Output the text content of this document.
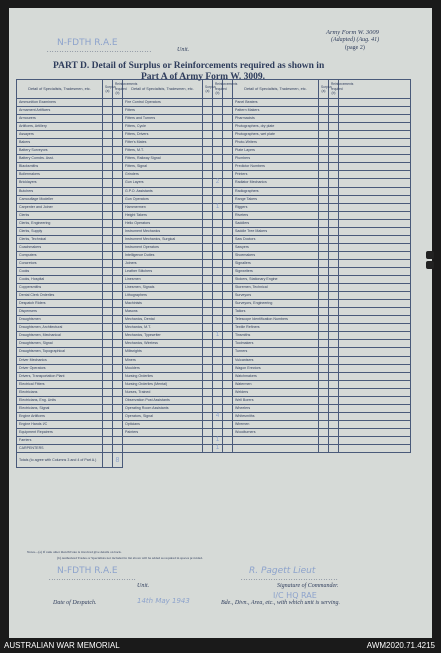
N-FDTH R.A.E
..........................................	Unit.
Army Form W. 3009
(Adapted) (Aug. 41)
(page 2)
PART D. Detail of Surplus or Reinforcements required as shown in
Part A of Army Form W. 3009.
Notes—(a) If rank other than Private is involved give details on back.
(b) Authorized Trades or Specialists not included in list above will be added as required in spaces provided.
N-FDTH R.A.E
...................................
Unit.
R. Pagett Lieut
.......................................
Signature of Commander.
I/C HQ RAE
14th May 1943
Date of Despatch.	Bde., Divn., Area, etc., with which unit is serving.
Detail of Specialists, Tradesmen, etc.	Surplus (a)	Reinforcements required (b)	Detail of Specialists, Tradesmen, etc.	Surplus (a)	Reinforcements required (b)		Detail of Specialists, Tradesmen, etc.	Surplus (a)	Reinforcements required (b)	
Ammunition Examiners			Fire Control Operators				Panel Beaters			
Armament Artificers			Fitters				Pattern Makers			
Armourers			Fitters and Turners				Pharmacists			
Artificers, Artillery			Fitters, Cycle				Photographers, dry plate			
Assayers			Fitters, Drivers				Photographers, wet plate			
Bakers			Fitter's Mates				Photo-Writers			
Battery Surveyors			Fitters, M.T.				Plate Layers			
Battery Comdrs. Asst.			Fitters, Railway Signal				Plumbers			
Blacksmiths			Fitters, Signal				Predictor Numbers			
Boilermakers			Grinders				Printers			
Bricklayers			Gun Layers		2		Radiator Mechanics			
Butchers			G.P.O. Assistants				Radiographers			
Camouflage Modeller			Gun Operators				Range Takers			
Carpenter and Joiner			Hammermen		1		Riggers			
Clerks			Height Takers				Riveters			
Clerks, Engineering			Helio Operators				Saddlers			
Clerks, Supply			Instrument Mechanics				Saddle Tree Makers			
Clerks, Technical			Instrument Mechanics, Surgical				Saw Doctors			
Coachmakers			Instrument Operators				Sawyers			
Computers			Intelligence Duties				Shoemakers			
Concretors			Joiners				Signallers			
Cooks			Leather Stitchers				Signwriters			
Cooks, Hospital			Linesmen				Stokers, Stationary Engine			
Coppersmiths			Linesmen, Signals				Storemen, Technical			
Dental Clerk Orderlies			Lithographers				Surveyors			
Despatch Riders			Machinists				Surveyors, Engineering			
Dispensers			Masons				Tailors			
Draughtsmen			Mechanics, Dental				Telescope Identification Numbers			
Draughtsmen, Architectural			Mechanics, M.T.				Textile Refiners			
Draughtsmen, Mechanical			Mechanics, Typewriter		1		Tinsmiths			
Draughtsmen, Signal			Mechanics, Wireless				Toolmakers			
Draughtsmen, Topographical			Millwrights				Turners			
Driver Mechanics			Miners				Vulcanisers			
Driver Operators			Moulders				Wagon Erectors			
Drivers, Transportation Plant			Nursing Orderlies				Watchmakers			
Electrical Fitters			Nursing Orderlies (Mental)				Watermen			
Electricians			Nurses, Trained				Welders			
Electricians, Eng. Units			Observation Post Assistants				Well Borers			
Electricians, Signal			Operating Room Assistants				Wheelers			
Engine Artificers			Operators, Signal		4		Whitesmiths			
Engine Hands I/C			Opticians				Wiremen			
Equipment Repairers			Painters				Woodturners			
Farriers					1					
CARPENTERS					1					
Totals (to agree with Columns 3 and 4 of Part A.)		8								
AUSTRALIAN WAR MEMORIAL	AWM2020.71.4215
